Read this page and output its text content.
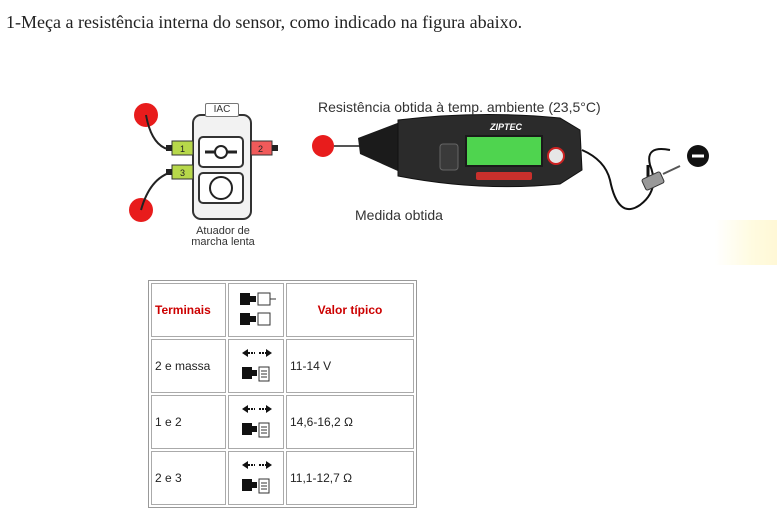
1-Meça a resistência interna do sensor, como indicado na figura abaixo.
ZIPTEC
1
3
2
IAC
Atuador de marcha lenta
Resistência obtida à temp. ambiente (23,5°C)
Medida obtida
Terminais		Valor típico
2 e massa		11-14 V
1 e 2		14,6-16,2 Ω
2 e 3		11,1-12,7 Ω
